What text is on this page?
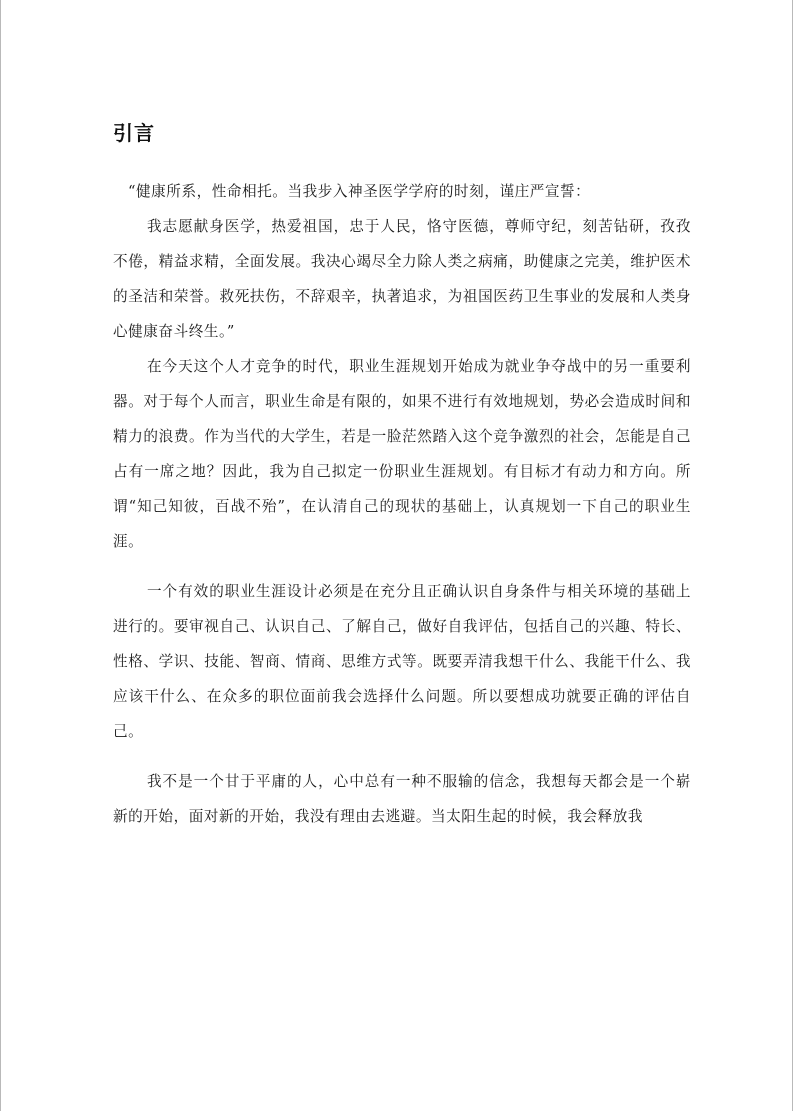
引言

“健康所系，性命相托。当我步入神圣医学学府的时刻，谨庄严宣誓：

我志愿献身医学，热爱祖国，忠于人民，恪守医德，尊师守纪，刻苦钻研，孜孜不倦，精益求精，全面发展。我决心竭尽全力除人类之病痛，助健康之完美，维护医术的圣洁和荣誉。救死扶伤，不辞艰辛，执著追求，为祖国医药卫生事业的发展和人类身心健康奋斗终生。”

在今天这个人才竞争的时代，职业生涯规划开始成为就业争夺战中的另一重要利器。对于每个人而言，职业生命是有限的，如果不进行有效地规划，势必会造成时间和精力的浪费。作为当代的大学生，若是一脸茫然踏入这个竞争激烈的社会，怎能是自己占有一席之地？因此，我为自己拟定一份职业生涯规划。有目标才有动力和方向。所谓“知己知彼，百战不殆”，在认清自己的现状的基础上，认真规划一下自己的职业生涯。

一个有效的职业生涯设计必须是在充分且正确认识自身条件与相关环境的基础上进行的。要审视自己、认识自己、了解自己，做好自我评估，包括自己的兴趣、特长、性格、学识、技能、智商、情商、思维方式等。既要弄清我想干什么、我能干什么、我应该干什么、在众多的职位面前我会选择什么问题。所以要想成功就要正确的评估自己。

我不是一个甘于平庸的人，心中总有一种不服输的信念，我想每天都会是一个崭新的开始，面对新的开始，我没有理由去逃避。当太阳生起的时候，我会释放我
